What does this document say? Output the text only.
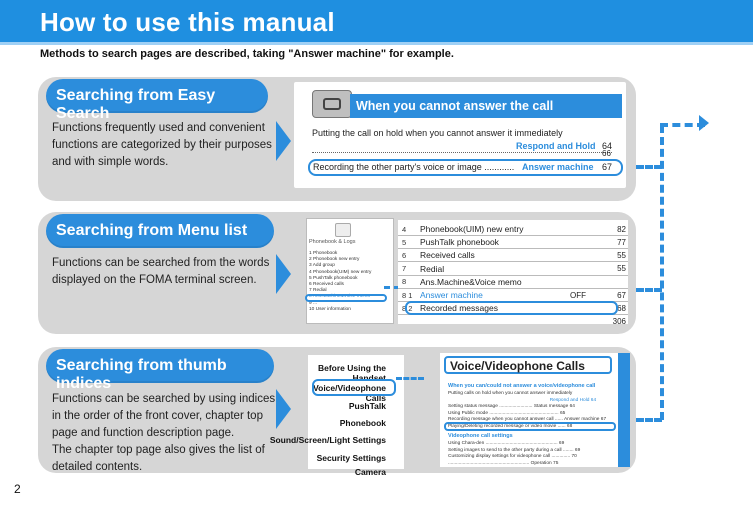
How to use this manual
Methods to search pages are described, taking "Answer machine" for example.
Searching from Easy Search
Functions frequently used and convenient
functions are categorized by their purposes
and with simple words.
When you cannot answer the call
Putting the call on hold when you cannot answer it immediately
Respond and Hold 64
66
Recording the other party's voice or image ............ Answer machine 67
Searching from Menu list
Functions can be searched from the words
displayed on the FOMA terminal screen.
Phonebook & Logs
1 Phonebook
2 Phonebook new entry
3 Add group
4 Phonebook(UIM) new entry
5 PushTalk phonebook
6 Received calls
7 Redial
8 Ans.Machine&Voice memo
9 ...
10 User information
4	Phonebook(UIM) new entry	82
5	PushTalk phonebook	77
6	Received calls	55
7	Redial	55
8	Ans.Machine&Voice memo
8 1 Answer machine	OFF	67
8 2 Recorded messages	68
306
Searching from thumb indices
Functions can be searched by using indices
in the order of the front cover, chapter top
page and function description page.
The chapter top page also gives the list of
detailed contents.
Before Using the Handset
Voice/Videophone Calls
PushTalk
Phonebook
Sound/Screen/Light Settings
Security Settings
Camera
Voice/Videophone Calls
When you can/could not answer a voice/videophone call
Putting calls on hold when you cannot answer immediately
Respond and Hold 64
Setting status message ......................... Status message 64
Using Public mode .................................................... 65
Recording message when you cannot answer call ...... Answer machine 67
Playing/Deleting recorded message or video movie ...... 68
Videophone call settings
Using Chara-den ...................................................... 69
Setting images to send to the other party during a call ........ 69
Customizing display settings for videophone call .............. 70
............................................................. Operation 75
2
